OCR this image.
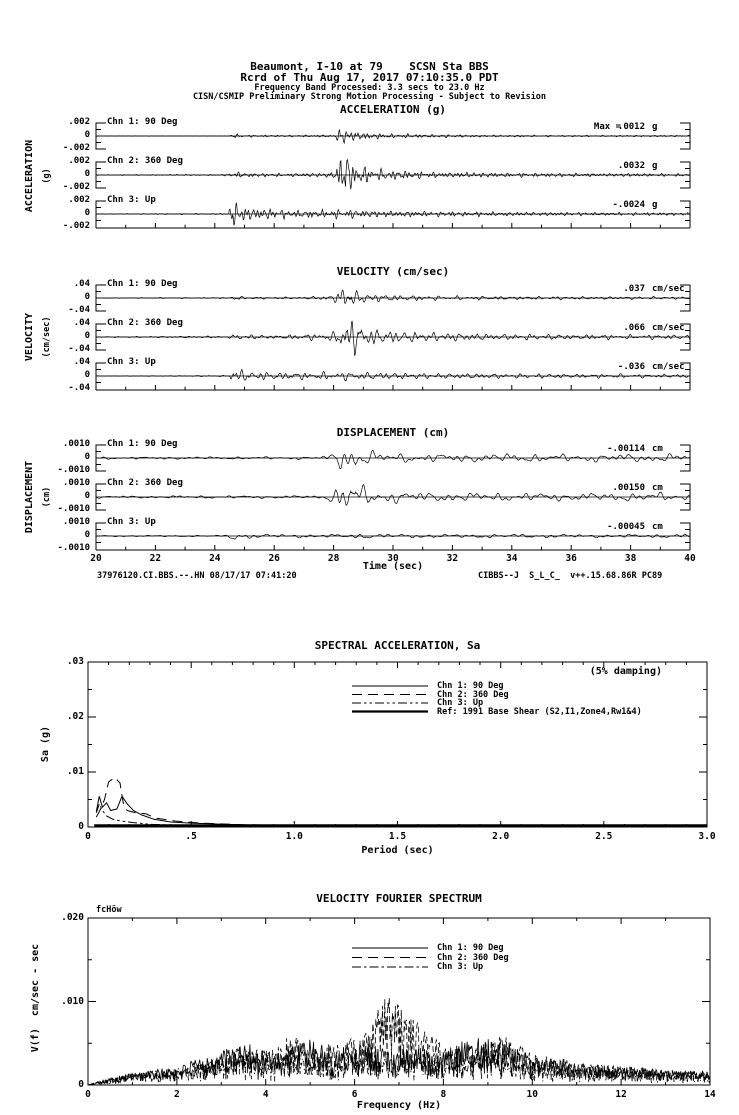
Beaumont, I-10 at 79    SCSN Sta BBS
Rcrd of Thu Aug 17, 2017 07:10:35.0 PDT
Frequency Band Processed: 3.3 secs to 23.0 Hz
CISN/CSMIP Preliminary Strong Motion Processing - Subject to Revision
ACCELERATION (g)
VELOCITY (cm/sec)
DISPLACEMENT (cm)
SPECTRAL ACCELERATION, Sa
VELOCITY FOURIER SPECTRUM
Time (sec)
Period (sec)
Frequency (Hz)
(5% damping)
fcHöw
37976120.CI.BBS.--.HN 08/17/17 07:41:20	CIBBS--J  S_L_C_  v++.15.68.86R PC89
ACCELERATION (g)
VELOCITY (cm/sec)
DISPLACEMENT (cm)
Sa (g)
V(f)  cm/sec - sec
.002
0
-.002
Chn 1: 90 Deg	Max =
.0012 g
.002
0
-.002
Chn 2: 360 Deg	.0032 g
.002
0
-.002
Chn 3: Up	-.0024 g
.04
0
-.04
Chn 1: 90 Deg	.037 cm/sec
.04
0
-.04
Chn 2: 360 Deg	.066 cm/sec
.04
0
-.04
Chn 3: Up	-.036 cm/sec
.0010
0
-.0010
Chn 1: 90 Deg	-.00114 cm
.0010
0
-.0010
Chn 2: 360 Deg	.00150 cm
.0010
0
-.0010
Chn 3: Up	-.00045 cm
20	22	24	26	28	30	32	34	36	38	40
.03
.02
.01
0
0	.5	1.0	1.5	2.0	2.5	3.0
Chn 1: 90 Deg
Chn 2: 360 Deg
Chn 3: Up
Ref: 1991 Base Shear (S2,I1,Zone4,Rw1&4)
.020
.010
0
0	2	4	6	8	10	12	14
Chn 1: 90 Deg
Chn 2: 360 Deg
Chn 3: Up
